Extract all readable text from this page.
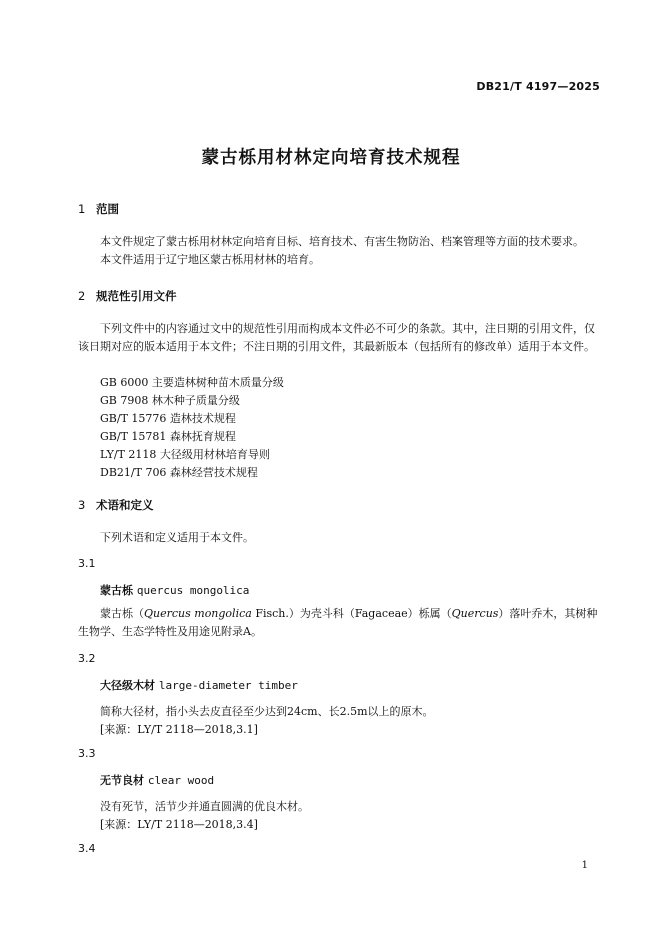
DB21/T 4197—2025
蒙古栎用材林定向培育技术规程
1 范围
本文件规定了蒙古栎用材林定向培育目标、培育技术、有害生物防治、档案管理等方面的技术要求。
本文件适用于辽宁地区蒙古栎用材林的培育。
2 规范性引用文件
下列文件中的内容通过文中的规范性引用而构成本文件必不可少的条款。其中，注日期的引用文件，仅该日期对应的版本适用于本文件；不注日期的引用文件，其最新版本（包括所有的修改单）适用于本文件。
GB 6000 主要造林树种苗木质量分级
GB 7908 林木种子质量分级
GB/T 15776 造林技术规程
GB/T 15781 森林抚育规程
LY/T 2118 大径级用材林培育导则
DB21/T 706 森林经营技术规程
3 术语和定义
下列术语和定义适用于本文件。
3.1
蒙古栎 quercus mongolica
蒙古栎（Quercus mongolica Fisch.）为壳斗科（Fagaceae）栎属（Quercus）落叶乔木，其树种生物学、生态学特性及用途见附录A。
3.2
大径级木材 large-diameter timber
简称大径材，指小头去皮直径至少达到24cm、长2.5m以上的原木。
[来源：LY/T 2118—2018,3.1]
3.3
无节良材 clear wood
没有死节，活节少并通直圆满的优良木材。
[来源：LY/T 2118—2018,3.4]
3.4
1
